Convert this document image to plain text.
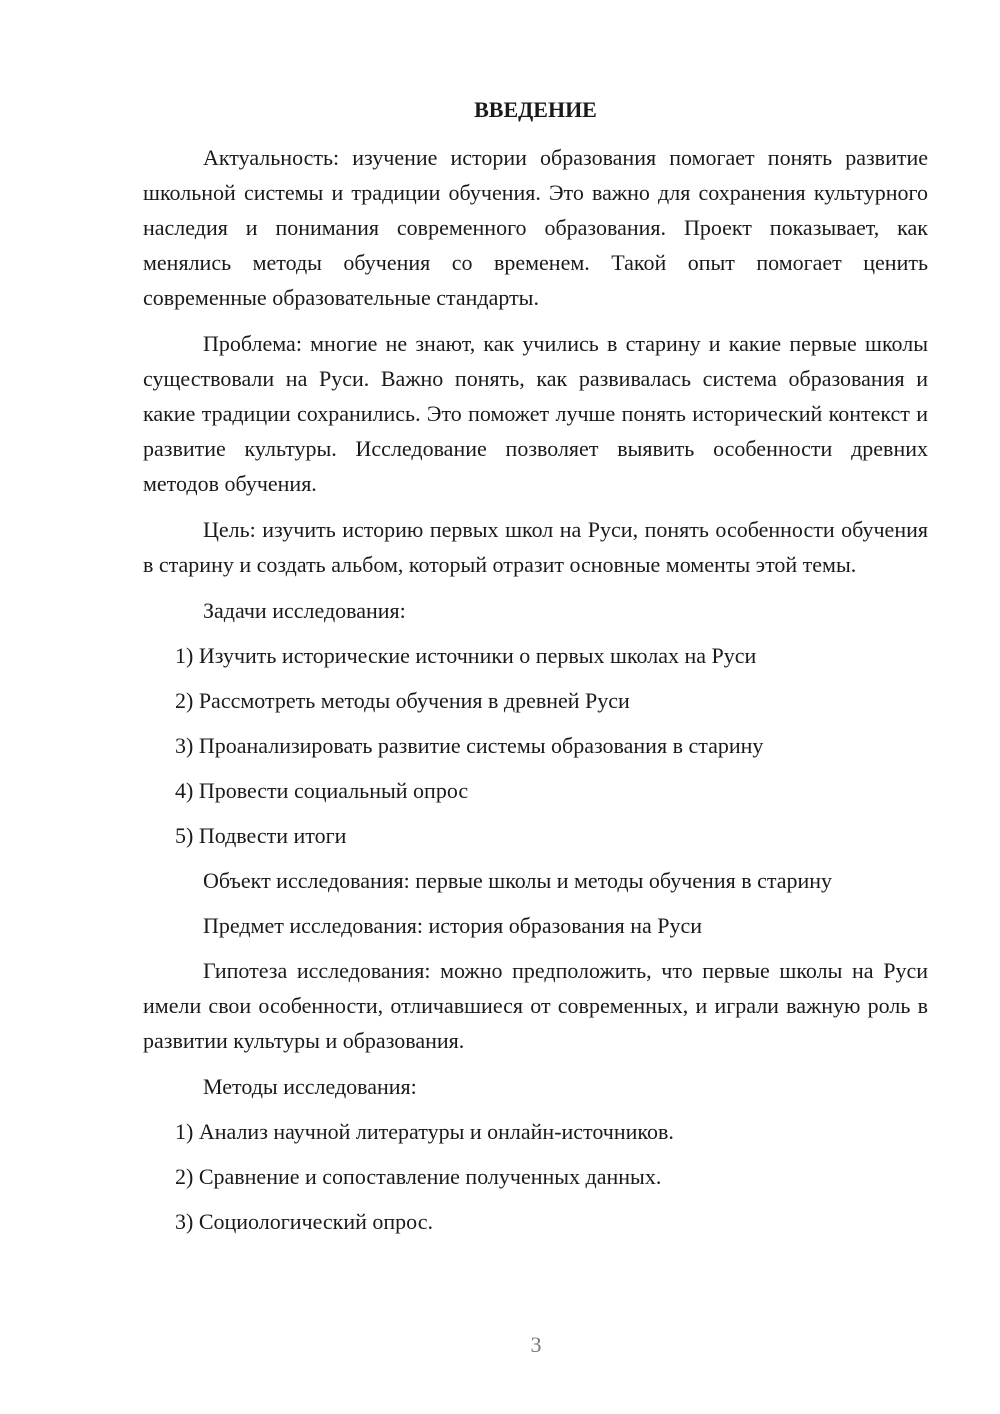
ВВЕДЕНИЕ

Актуальность: изучение истории образования помогает понять развитие школьной системы и традиции обучения. Это важно для сохранения культурного наследия и понимания современного образования. Проект показывает, как менялись методы обучения со временем. Такой опыт помогает ценить современные образовательные стандарты.

Проблема: многие не знают, как учились в старину и какие первые школы существовали на Руси. Важно понять, как развивалась система образования и какие традиции сохранились. Это поможет лучше понять исторический контекст и развитие культуры. Исследование позволяет выявить особенности древних методов обучения.

Цель: изучить историю первых школ на Руси, понять особенности обучения в старину и создать альбом, который отразит основные моменты этой темы.

Задачи исследования:
1) Изучить исторические источники о первых школах на Руси
2) Рассмотреть методы обучения в древней Руси
3) Проанализировать развитие системы образования в старину
4) Провести социальный опрос
5) Подвести итоги
Объект исследования: первые школы и методы обучения в старину
Предмет исследования: история образования на Руси

Гипотеза исследования: можно предположить, что первые школы на Руси имели свои особенности, отличавшиеся от современных, и играли важную роль в развитии культуры и образования.

Методы исследования:
1) Анализ научной литературы и онлайн-источников.
2) Сравнение и сопоставление полученных данных.
3) Социологический опрос.
3
